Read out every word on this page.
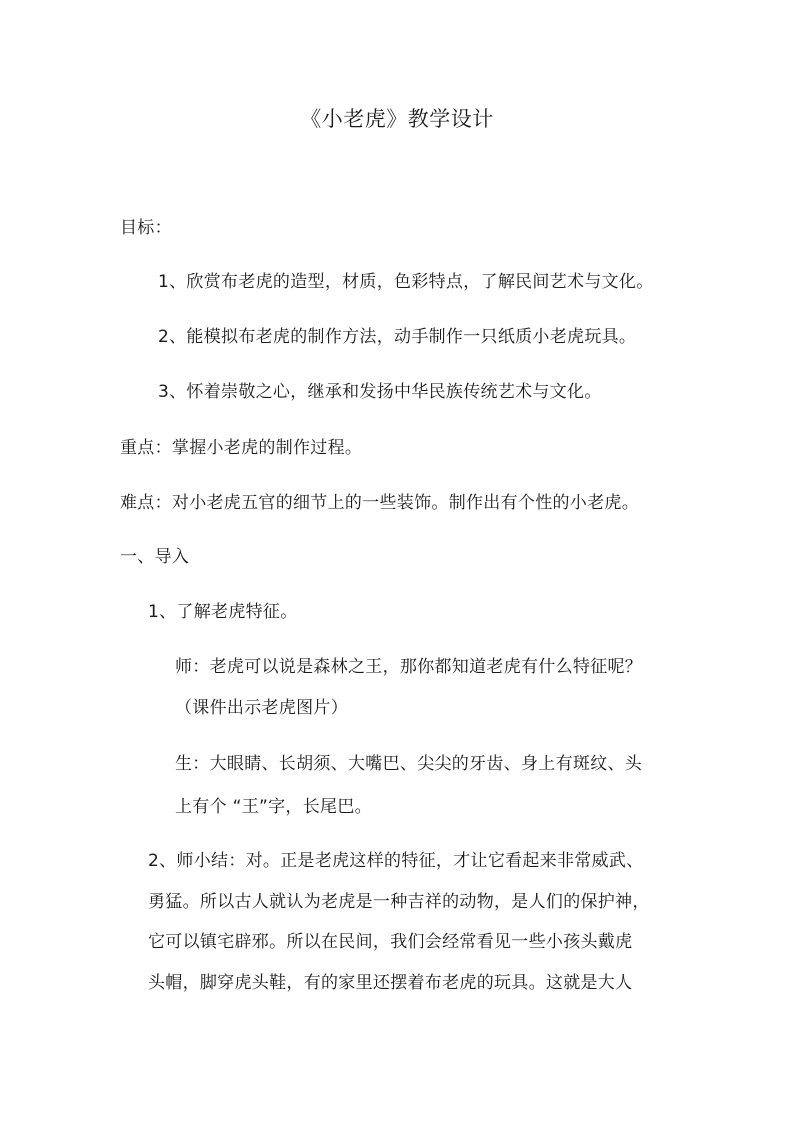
《小老虎》教学设计
目标：
1、欣赏布老虎的造型，材质，色彩特点，了解民间艺术与文化。
2、能模拟布老虎的制作方法，动手制作一只纸质小老虎玩具。
3、怀着崇敬之心，继承和发扬中华民族传统艺术与文化。
重点：掌握小老虎的制作过程。
难点：对小老虎五官的细节上的一些装饰。制作出有个性的小老虎。
一、导入
1、了解老虎特征。
师：老虎可以说是森林之王，那你都知道老虎有什么特征呢？
（课件出示老虎图片）
生：大眼睛、长胡须、大嘴巴、尖尖的牙齿、身上有斑纹、头
上有个 “王”字，长尾巴。
2、师小结：对。正是老虎这样的特征，才让它看起来非常威武、
勇猛。所以古人就认为老虎是一种吉祥的动物，是人们的保护神，
它可以镇宅辟邪。所以在民间，我们会经常看见一些小孩头戴虎
头帽，脚穿虎头鞋，有的家里还摆着布老虎的玩具。这就是大人
